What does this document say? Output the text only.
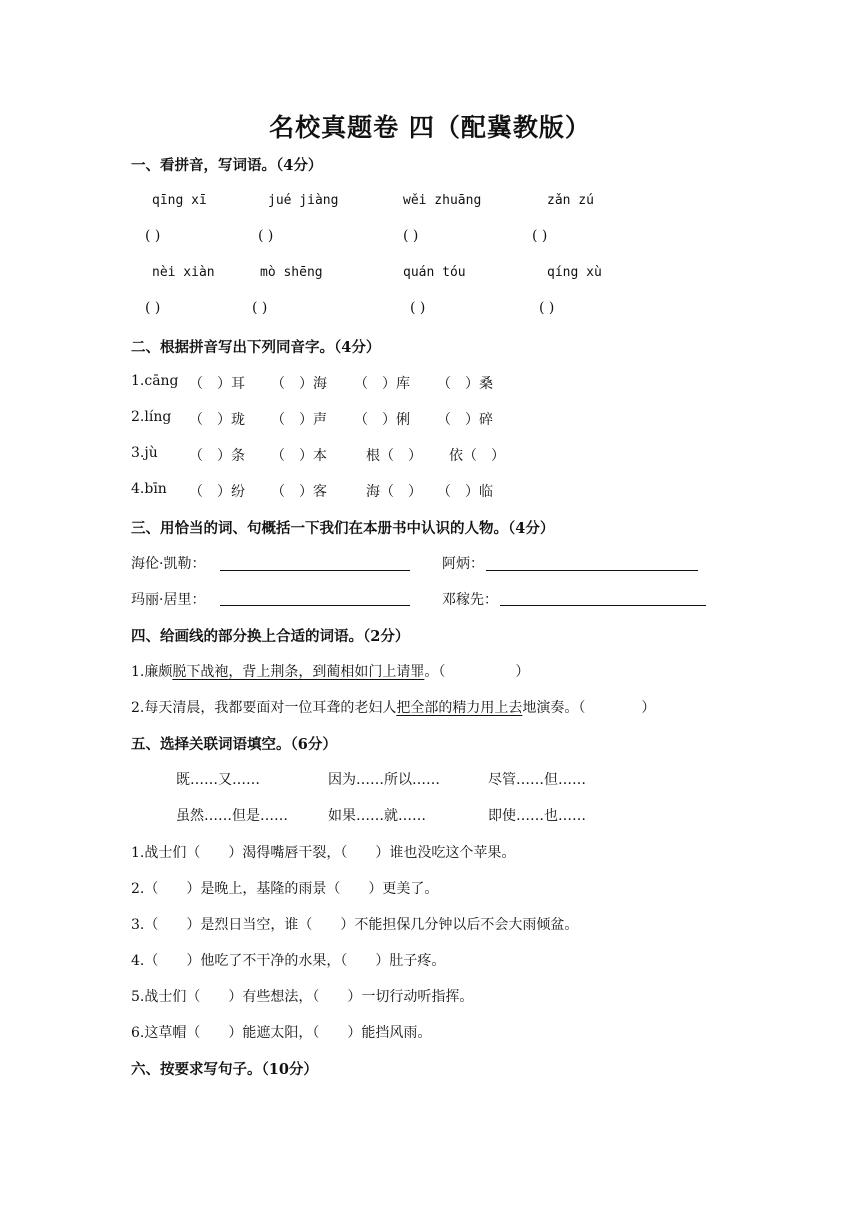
名校真题卷 四（配冀教版）
一、看拼音，写词语。（4分）
qīng xī	jué jiàng	wěi zhuāng	zǎn zú
( )	( )	( )	( )
nèi xiàn	mò shēng	quán tóu	qíng xù
( )	( )	( )	( )
二、根据拼音写出下列同音字。（4分）
1.cāng （　）耳 （　）海 （　）库 （　）桑
2.líng （　）珑 （　）声 （　）俐 （　）碎
3.jù （　）条 （　）本	根（　） 依（　）
4.bīn （　）纷 （　）客	海（　） （　）临
三、用恰当的词、句概括一下我们在本册书中认识的人物。（4分）
海伦·凯勒：	阿炳：
玛丽·居里：	邓稼先：
四、给画线的部分换上合适的词语。（2分）
1.廉颇脱下战袍，背上荆条，到蔺相如门上请罪。（　　　　　）
2.每天清晨，我都要面对一位耳聋的老妇人把全部的精力用上去地演奏。（　　　　）
五、选择关联词语填空。（6分）
既……又……	因为……所以……	尽管……但……
虽然……但是……	如果……就……	即使……也……
1.战士们（　　）渴得嘴唇干裂，（　　）谁也没吃这个苹果。
2.（　　）是晚上，基隆的雨景（　　）更美了。
3.（　　）是烈日当空，谁（　　）不能担保几分钟以后不会大雨倾盆。
4.（　　）他吃了不干净的水果，（　　）肚子疼。
5.战士们（　　）有些想法，（　　）一切行动听指挥。
6.这草帽（　　）能遮太阳，（　　）能挡风雨。
六、按要求写句子。（10分）
